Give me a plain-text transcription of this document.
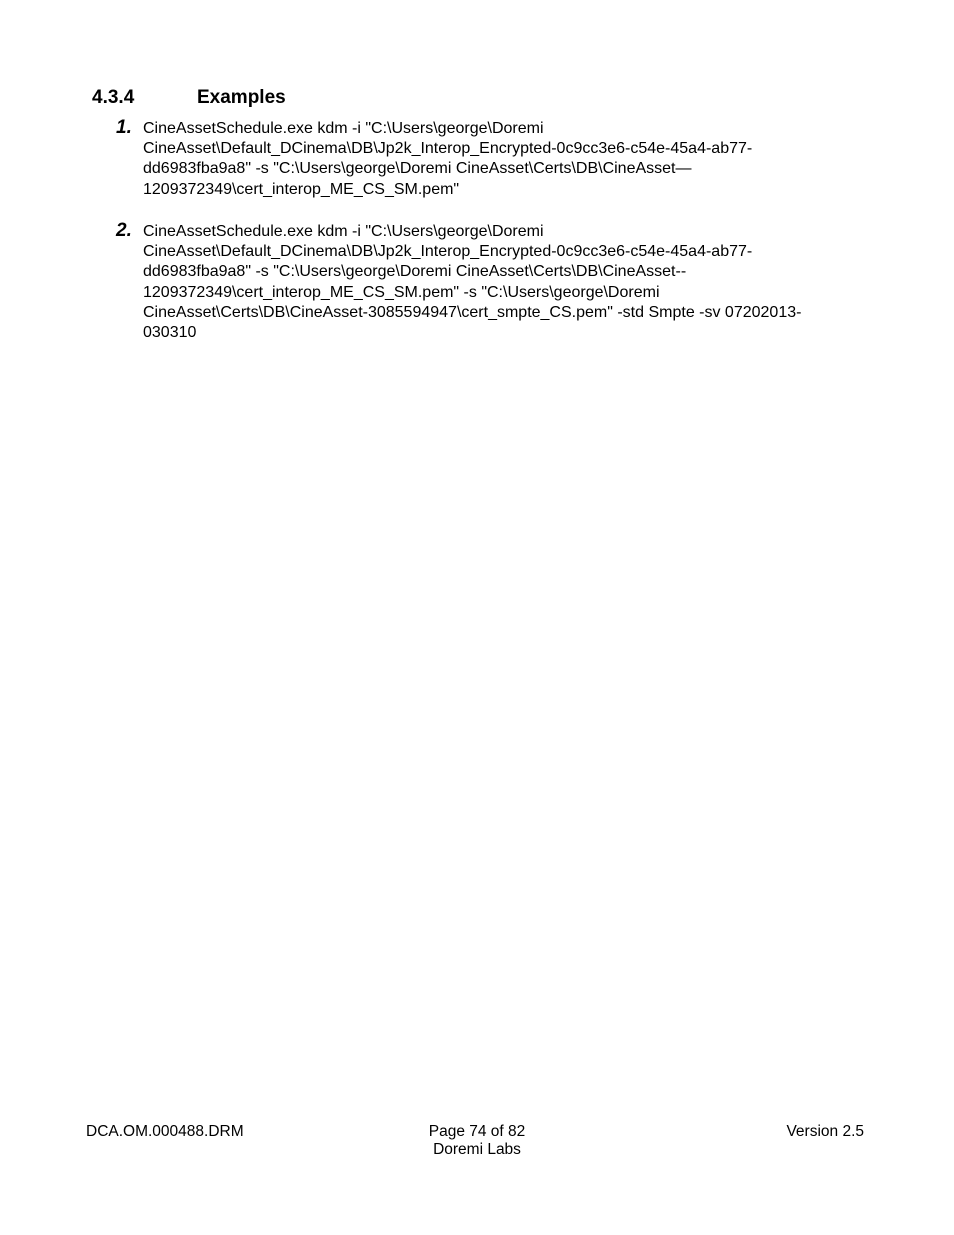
4.3.4	Examples
1. CineAssetSchedule.exe kdm -i "C:\Users\george\Doremi
CineAsset\Default_DCinema\DB\Jp2k_Interop_Encrypted-0c9cc3e6-c54e-45a4-ab77-
dd6983fba9a8" -s "C:\Users\george\Doremi CineAsset\Certs\DB\CineAsset—
1209372349\cert_interop_ME_CS_SM.pem"
2. CineAssetSchedule.exe kdm -i "C:\Users\george\Doremi
CineAsset\Default_DCinema\DB\Jp2k_Interop_Encrypted-0c9cc3e6-c54e-45a4-ab77-
dd6983fba9a8" -s "C:\Users\george\Doremi CineAsset\Certs\DB\CineAsset--
1209372349\cert_interop_ME_CS_SM.pem" -s "C:\Users\george\Doremi
CineAsset\Certs\DB\CineAsset-3085594947\cert_smpte_CS.pem" -std Smpte -sv 07202013-
030310
DCA.OM.000488.DRM	Page 74 of 82
Doremi Labs
Version 2.5
